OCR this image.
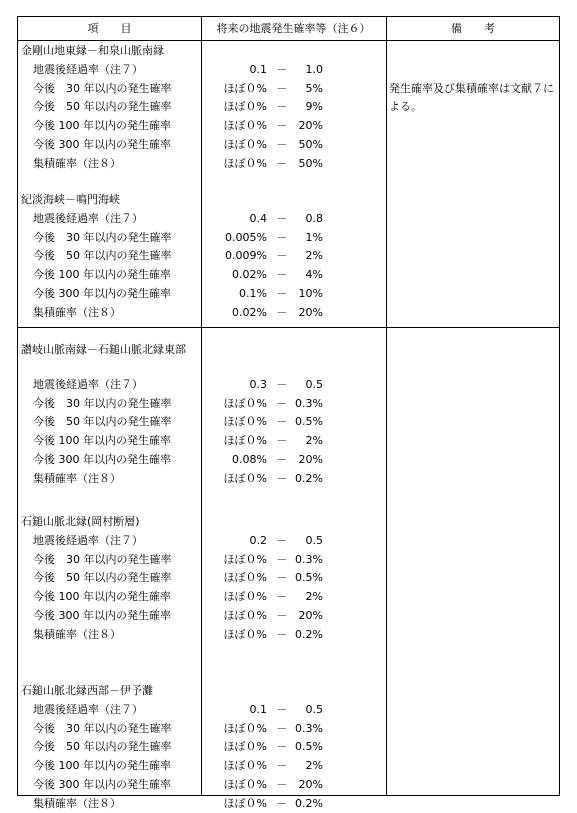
項　　目	将来の地震発生確率等（注６）	備　　考
発生確率及び集積確率は文献７による。
金剛山地東縁－和泉山脈南縁
地震後経過率（注７）	0.1 －	1.0
今後　30 年以内の発生確率	ほぼ０% －	5%
今後　50 年以内の発生確率	ほぼ０% －	9%
今後 100 年以内の発生確率	ほぼ０% －	20%
今後 300 年以内の発生確率	ほぼ０% －	50%
集積確率（注８）	ほぼ０% －	50%
紀淡海峡－鳴門海峡
地震後経過率（注７）	0.4 －	0.8
今後　30 年以内の発生確率	0.005% －	1%
今後　50 年以内の発生確率	0.009% －	2%
今後 100 年以内の発生確率	0.02% －	4%
今後 300 年以内の発生確率	0.1% －	10%
集積確率（注８）	0.02% －	20%
讃岐山脈南縁－石鎚山脈北縁東部
地震後経過率（注７）	0.3 －	0.5
今後　30 年以内の発生確率	ほぼ０% － 0.3%
今後　50 年以内の発生確率	ほぼ０% － 0.5%
今後 100 年以内の発生確率	ほぼ０% －	2%
今後 300 年以内の発生確率	0.08% －	20%
集積確率（注８）	ほぼ０% － 0.2%
石鎚山脈北縁(岡村断層)
地震後経過率（注７）	0.2 －	0.5
今後　30 年以内の発生確率	ほぼ０% － 0.3%
今後　50 年以内の発生確率	ほぼ０% － 0.5%
今後 100 年以内の発生確率	ほぼ０% －	2%
今後 300 年以内の発生確率	ほぼ０% －	20%
集積確率（注８）	ほぼ０% － 0.2%
石鎚山脈北縁西部－伊予灘
地震後経過率（注７）	0.1 －	0.5
今後　30 年以内の発生確率	ほぼ０% － 0.3%
今後　50 年以内の発生確率	ほぼ０% － 0.5%
今後 100 年以内の発生確率	ほぼ０% －	2%
今後 300 年以内の発生確率	ほぼ０% －	20%
集積確率（注８）	ほぼ０% － 0.2%
